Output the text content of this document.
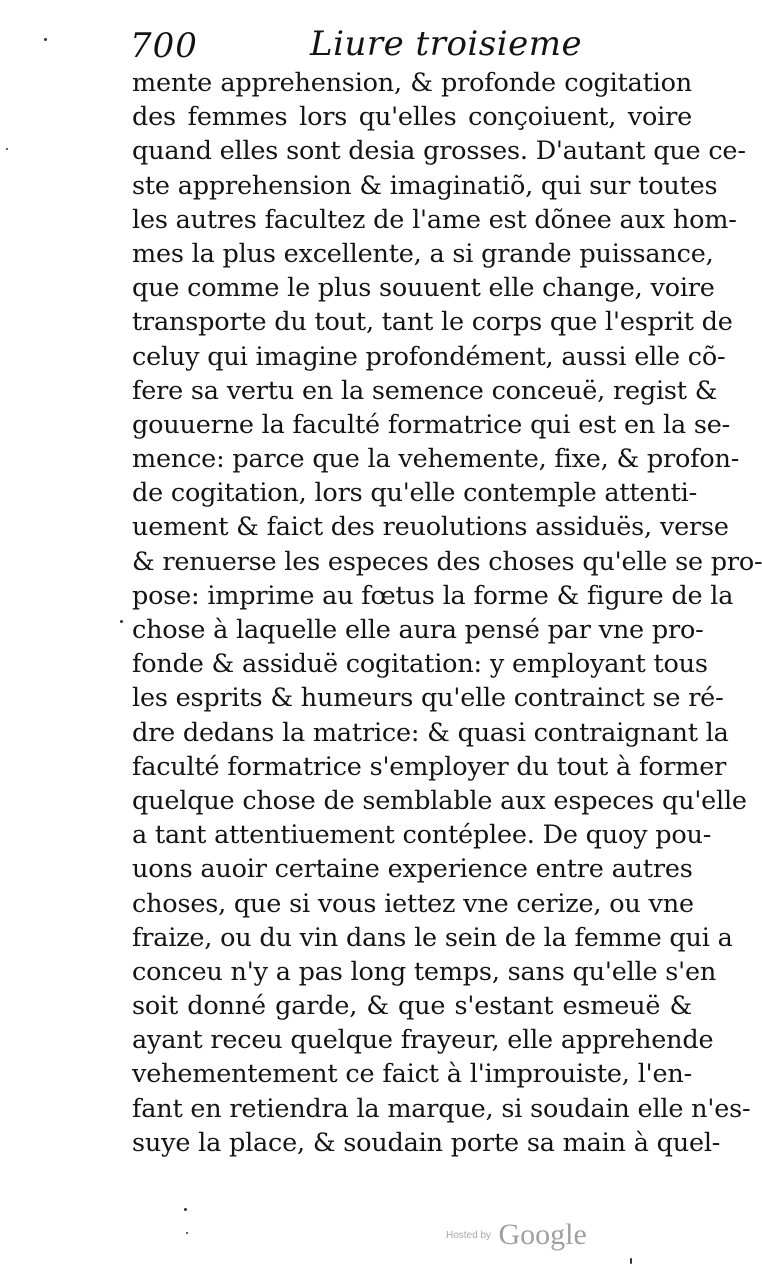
700	Liure troisieme
mente apprehension, & profonde cogitation
des femmes lors qu'elles conçoiuent, voire
quand elles sont desia grosses. D'autant que ce-
ste apprehension & imaginatiõ, qui sur toutes
les autres facultez de l'ame est dõnee aux hom-
mes la plus excellente, a si grande puissance,
que comme le plus souuent elle change, voire
transporte du tout, tant le corps que l'esprit de
celuy qui imagine profondément, aussi elle cõ-
fere sa vertu en la semence conceuë, regist &
gouuerne la faculté formatrice qui est en la se-
mence: parce que la vehemente, fixe, & profon-
de cogitation, lors qu'elle contemple attenti-
uement & faict des reuolutions assiduës, verse
& renuerse les especes des choses qu'elle se pro-
pose: imprime au fœtus la forme & figure de la
chose à laquelle elle aura pensé par vne pro-
fonde & assiduë cogitation: y employant tous
les esprits & humeurs qu'elle contrainct se ré-
dre dedans la matrice: & quasi contraignant la
faculté formatrice s'employer du tout à former
quelque chose de semblable aux especes qu'elle
a tant attentiuement contéplee. De quoy pou-
uons auoir certaine experience entre autres
choses, que si vous iettez vne cerize, ou vne
fraize, ou du vin dans le sein de la femme qui a
conceu n'y a pas long temps, sans qu'elle s'en
soit donné garde, & que s'estant esmeuë &
ayant receu quelque frayeur, elle apprehende
vehementement ce faict à l'improuiste, l'en-
fant en retiendra la marque, si soudain elle n'es-
suye la place, & soudain porte sa main à quel-
Hosted by Google
